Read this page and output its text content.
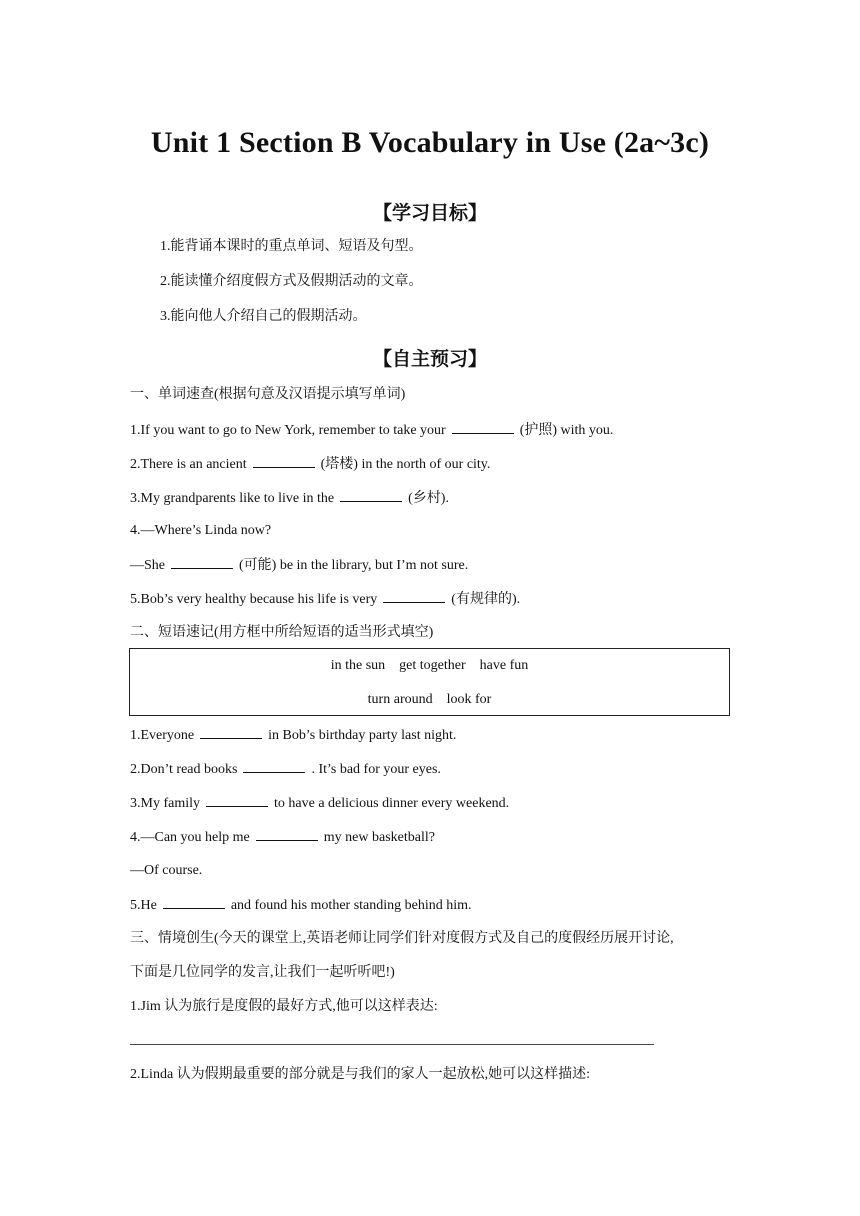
Unit 1 Section B Vocabulary in Use (2a~3c)
【学习目标】
1.能背诵本课时的重点单词、短语及句型。
2.能读懂介绍度假方式及假期活动的文章。
3.能向他人介绍自己的假期活动。
【自主预习】
一、单词速查(根据句意及汉语提示填写单词)
1.If you want to go to New York, remember to take your	(护照) with you.
2.There is an ancient	(塔楼) in the north of our city.
3.My grandparents like to live in the	(乡村).
4.—Where’s Linda now?
—She	(可能) be in the library, but I’m not sure.
5.Bob’s very healthy because his life is very	(有规律的).
二、短语速记(用方框中所给短语的适当形式填空)
in the sun    get together    have fun
turn around    look for
1.Everyone	in Bob’s birthday party last night.
2.Don’t read books	. It’s bad for your eyes.
3.My family	to have a delicious dinner every weekend.
4.—Can you help me	my new basketball?
—Of course.
5.He	and found his mother standing behind him.
三、情境创生(今天的课堂上,英语老师让同学们针对度假方式及自己的度假经历展开讨论,
下面是几位同学的发言,让我们一起听听吧!)
1.Jim 认为旅行是度假的最好方式,他可以这样表达:
2.Linda 认为假期最重要的部分就是与我们的家人一起放松,她可以这样描述:
